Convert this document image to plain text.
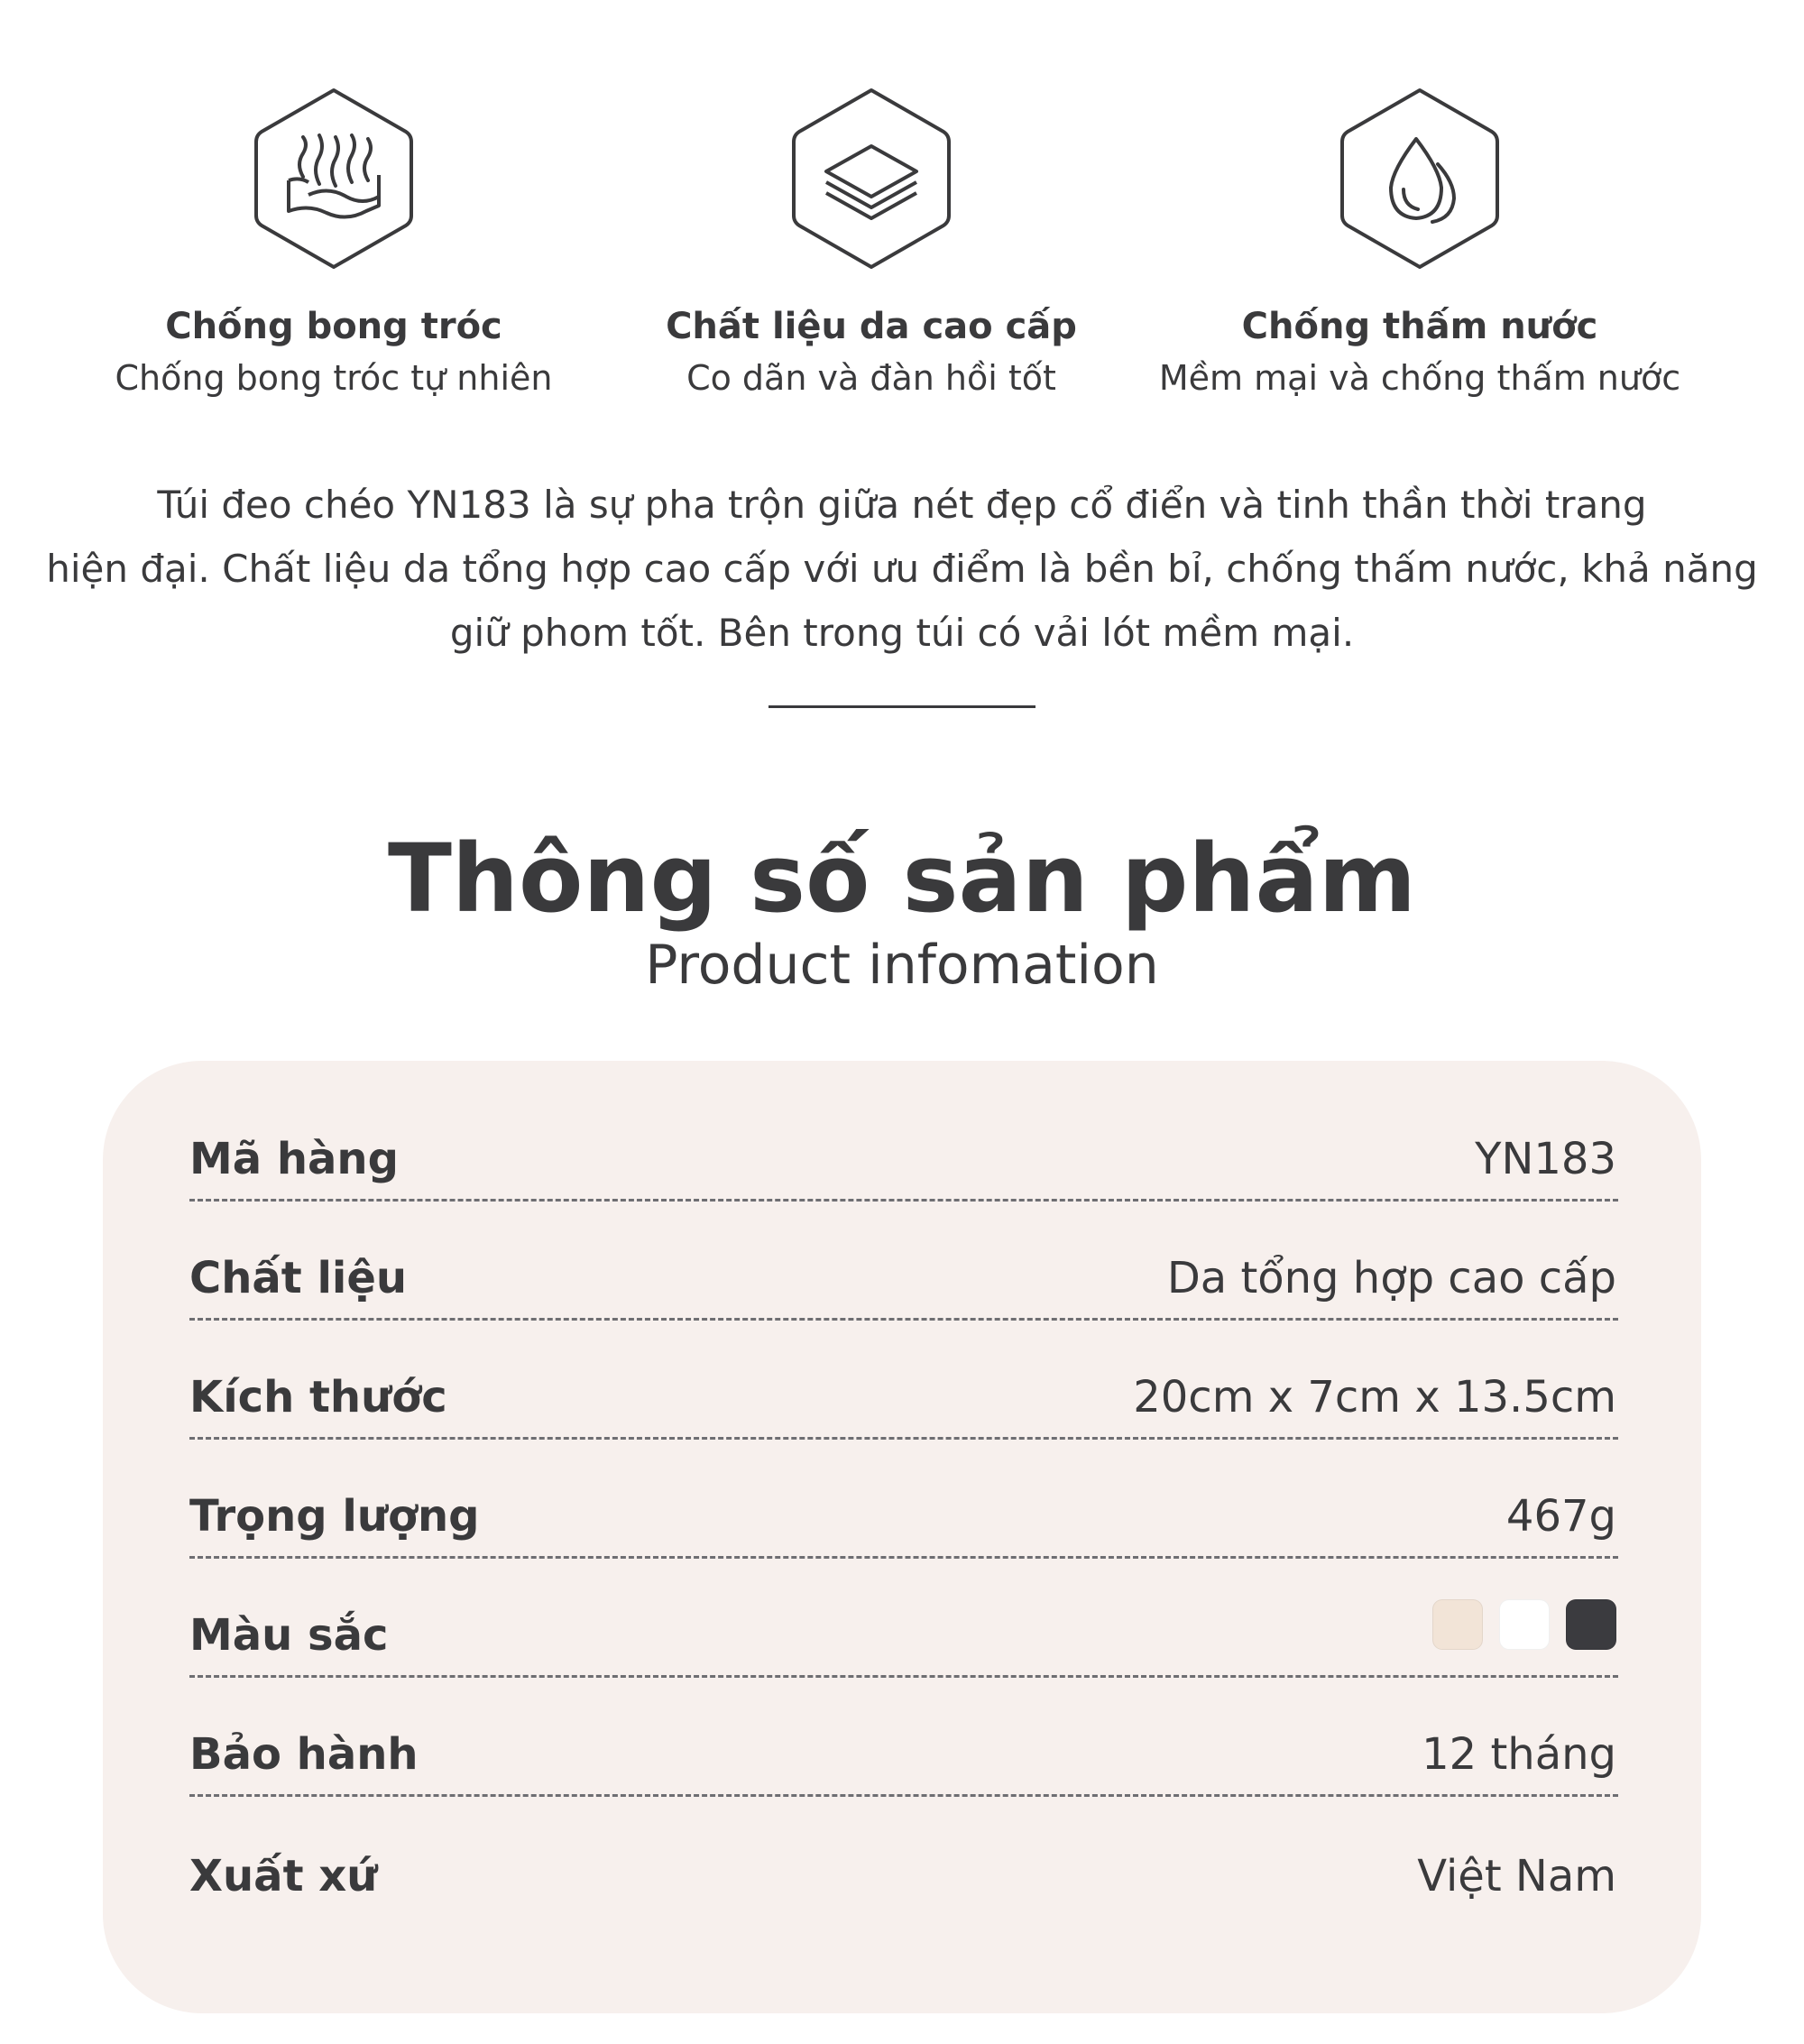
Chống bong tróc
Chống bong tróc tự nhiên
Chất liệu da cao cấp
Co dãn và đàn hồi tốt
Chống thấm nước
Mềm mại và chống thấm nước
Túi đeo chéo YN183 là sự pha trộn giữa nét đẹp cổ điển và tinh thần thời trang
hiện đại. Chất liệu da tổng hợp cao cấp với ưu điểm là bền bỉ, chống thấm nước, khả năng
giữ phom tốt. Bên trong túi có vải lót mềm mại.
Thông số sản phẩm
Product infomation
Mã hàng	YN183
Chất liệu	Da tổng hợp cao cấp
Kích thước	20cm x 7cm x 13.5cm
Trọng lượng	467g
Màu sắc
Bảo hành	12 tháng
Xuất xứ	Việt Nam
